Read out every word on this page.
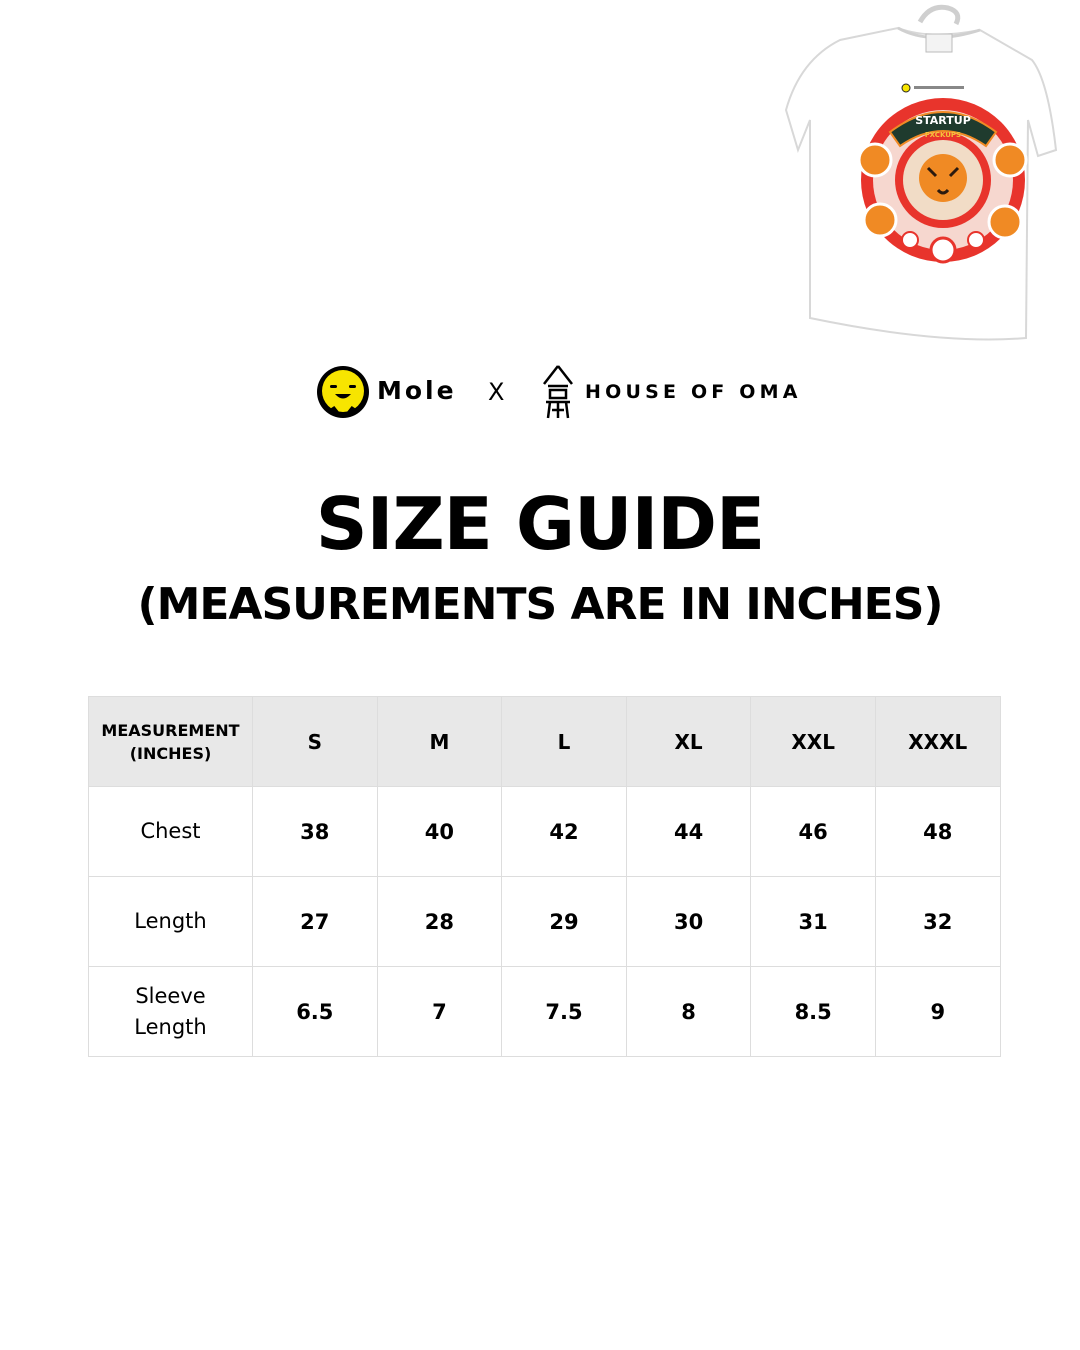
STARTUP
FXCKUPS
Mole X	HOUSE OF OMA
SIZE GUIDE
(MEASUREMENTS ARE IN INCHES)
MEASUREMENT
(INCHES)	S	M	L	XL	XXL	XXXL
Chest	38	40	42	44	46	48
Length	27	28	29	30	31	32
Sleeve
Length	6.5	7	7.5	8	8.5	9
